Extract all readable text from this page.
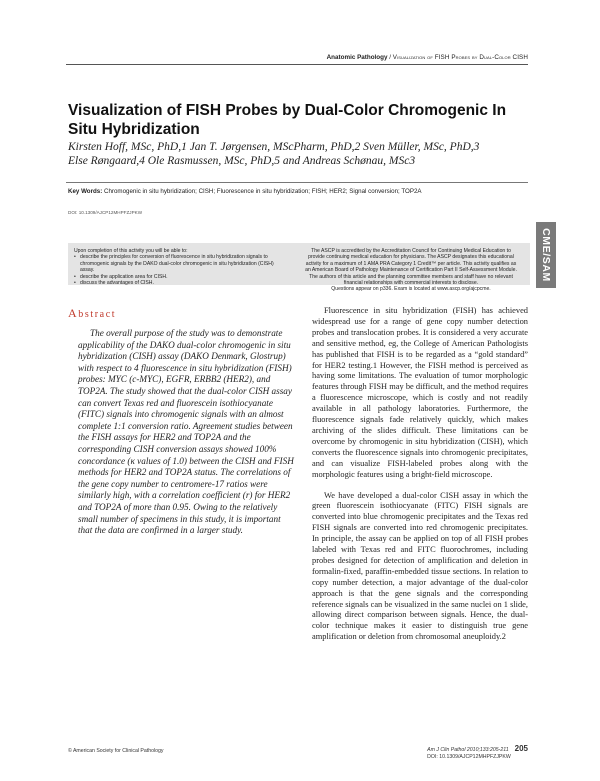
Anatomic Pathology / Visualization of FISH Probes by Dual-Color CISH
Visualization of FISH Probes by Dual-Color Chromogenic In Situ Hybridization
Kirsten Hoff, MSc, PhD,1 Jan T. Jørgensen, MScPharm, PhD,2 Sven Müller, MSc, PhD,3
Else Røngaard,4 Ole Rasmussen, MSc, PhD,5 and Andreas Schønau, MSc3
Key Words: Chromogenic in situ hybridization; CISH; Fluorescence in situ hybridization; FISH; HER2; Signal conversion; TOP2A
DOI: 10.1309/AJCP12MHPFZJPKW
Upon completion of this activity you will be able to:
• describe the principles for conversion of fluorescence in situ hybridization signals to chromogenic signals by the DAKO dual-color chromogenic in situ hybridization (CISH) assay.
• describe the application area for CISH.
• discuss the advantages of CISH.
The ASCP is accredited by the Accreditation Council for Continuing Medical Education to provide continuing medical education for physicians. The ASCP designates this educational activity for a maximum of 1 AMA PRA Category 1 Credit™ per article. This activity qualifies as an American Board of Pathology Maintenance of Certification Part II Self-Assessment Module.
The authors of this article and the planning committee members and staff have no relevant financial relationships with commercial interests to disclose.
Questions appear on p336. Exam is located at www.ascp.org/ajcpcme.
CME/SAM
Abstract

The overall purpose of the study was to demonstrate applicability of the DAKO dual-color chromogenic in situ hybridization (CISH) assay (DAKO Denmark, Glostrup) with respect to 4 fluorescence in situ hybridization (FISH) probes: MYC (c-MYC), EGFR, ERBB2 (HER2), and TOP2A. The study showed that the dual-color CISH assay can convert Texas red and fluorescein isothiocyanate (FITC) signals into chromogenic signals with an almost complete 1:1 conversion ratio. Agreement studies between the FISH assays for HER2 and TOP2A and the corresponding CISH conversion assays showed 100% concordance (κ values of 1.0) between the CISH and FISH methods for HER2 and TOP2A status. The correlations of the gene copy number to centromere-17 ratios were similarly high, with a correlation coefficient (r) for HER2 and TOP2A of more than 0.95. Owing to the relatively small number of specimens in this study, it is important that the data are confirmed in a larger study.

Fluorescence in situ hybridization (FISH) has achieved widespread use for a range of gene copy number detection probes and translocation probes. It is considered a very accurate and sensitive method, eg, the College of American Pathologists has published that FISH is to be regarded as a “gold standard” for HER2 testing.1 However, the FISH method is perceived as having some limitations. The evaluation of tumor morphologic features through FISH may be difficult, and the method requires a fluorescence microscope, which is costly and not readily available in all pathology laboratories. Furthermore, the fluorescence signals fade relatively quickly, which makes archiving of the slides difficult. These limitations can be overcome by chromogenic in situ hybridization (CISH), which converts the fluorescence signals into chromogenic precipitates, and can visualize FISH-labeled probes along with the morphologic features using a bright-field microscope.

We have developed a dual-color CISH assay in which the green fluorescein isothiocyanate (FITC) FISH signals are converted into blue chromogenic precipitates and the Texas red FISH signals are converted into red chromogenic precipitates. In principle, the assay can be applied on top of all FISH probes labeled with Texas red and FITC fluorochromes, including probes designed for detection of amplification and deletion in formalin-fixed, paraffin-embedded tissue sections. In relation to copy number detection, a major advantage of the dual-color approach is that the gene signals and the corresponding reference signals can be visualized in the same nuclei on 1 slide, allowing direct comparison between signals. Hence, the dual-color technique makes it easier to distinguish true gene amplification or deletion from chromosomal aneuploidy.2

© American Society for Clinical Pathology	Am J Clin Pathol 2010;133:205-211 205
DOI: 10.1309/AJCP12MHPFZJPKW
